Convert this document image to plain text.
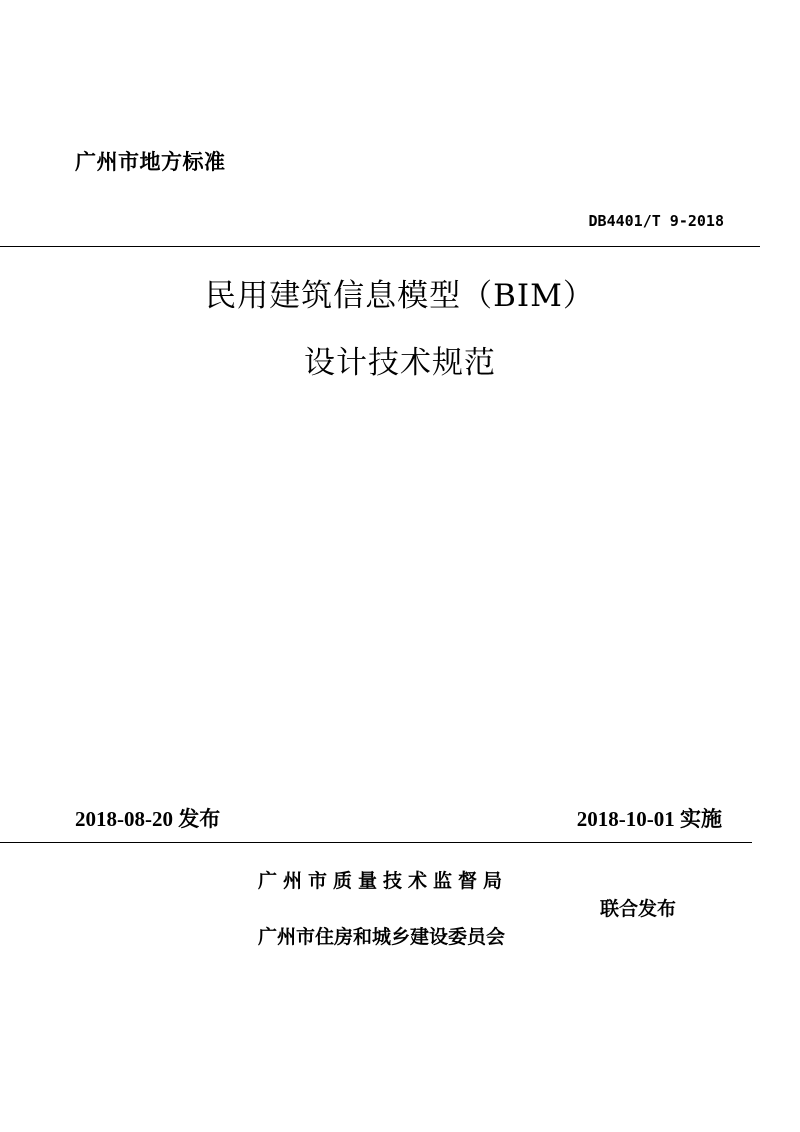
广州市地方标准
DB4401/T 9-2018
民用建筑信息模型（BIM）
设计技术规范
2018-08-20 发布	2018-10-01 实施
广州市质量技术监督局
广州市住房和城乡建设委员会
联合发布
